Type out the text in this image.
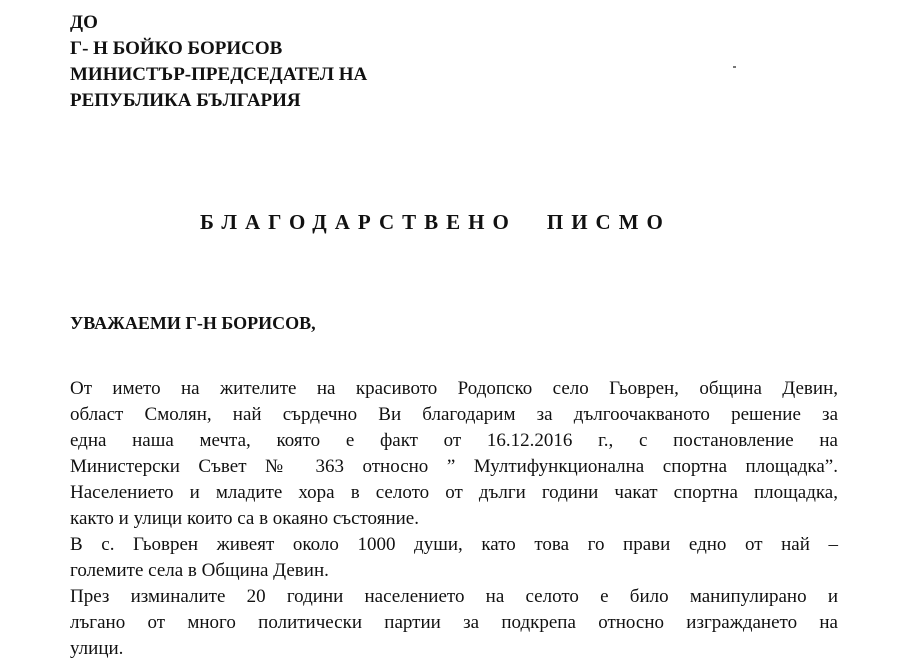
ДО
Г- Н БОЙКО БОРИСОВ
МИНИСТЪР-ПРЕДСЕДАТЕЛ НА
РЕПУБЛИКА БЪЛГАРИЯ
БЛАГОДАРСТВЕНО ПИСМО
УВАЖАЕМИ Г-Н БОРИСОВ,
От името на жителите на красивото Родопско село Гьоврен, община Девин,
област Смолян, най сърдечно Ви благодарим за дългоочакваното решение за
една наша мечта, която е факт от 16.12.2016 г., с постановление на
Министерски Съвет № 363 относно ” Мултифункционална спортна площадка”.
Населението и младите хора в селото от дълги години чакат спортна площадка,
както и улици които са в окаяно състояние.
В с. Гьоврен живеят около 1000 души, като това го прави едно от най –
големите села в Община Девин.
През изминалите 20 години населението на селото е било манипулирано и
лъгано от много политически партии за подкрепа относно изграждането на
улици.
